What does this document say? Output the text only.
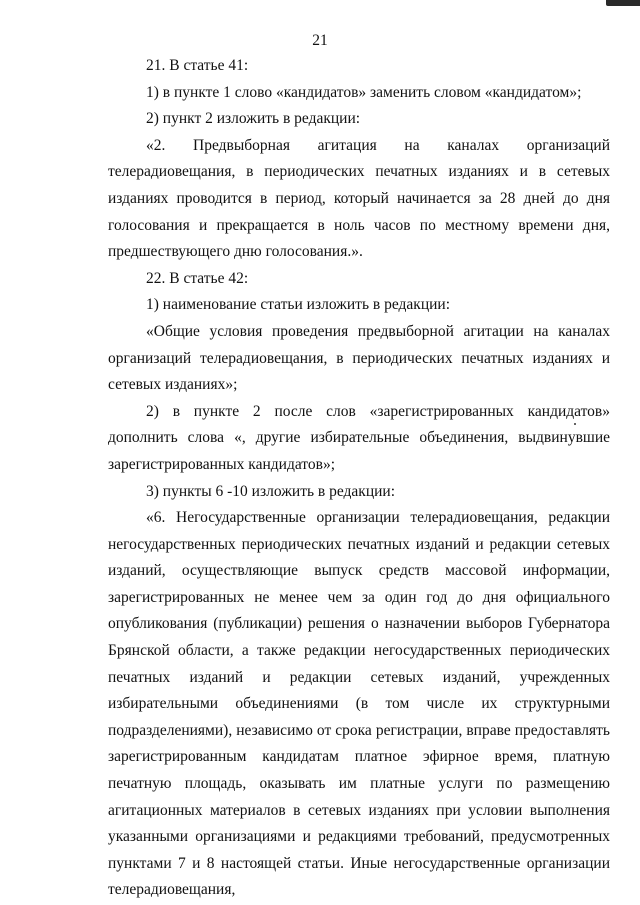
21

21. В статье 41:

1) в пункте 1 слово «кандидатов» заменить словом «кандидатом»;

2) пункт 2 изложить в редакции:

«2. Предвыборная агитация на каналах организаций телерадиовещания, в периодических печатных изданиях и в сетевых изданиях проводится в период, который начинается за 28 дней до дня голосования и прекращается в ноль часов по местному времени дня, предшествующего дню голосования.».

22. В статье 42:

1) наименование статьи изложить в редакции:

«Общие условия проведения предвыборной агитации на каналах организаций телерадиовещания, в периодических печатных изданиях и сетевых изданиях»;

2) в пункте 2 после слов «зарегистрированных кандидатов» дополнить слова «, другие избирательные объединения, выдвинувшие зарегистрированных кандидатов»;

3) пункты 6 -10 изложить в редакции:

«6. Негосударственные организации телерадиовещания, редакции негосударственных периодических печатных изданий и редакции сетевых изданий, осуществляющие выпуск средств массовой информации, зарегистрированных не менее чем за один год до дня официального опубликования (публикации) решения о назначении выборов Губернатора Брянской области, а также редакции негосударственных периодических печатных изданий и редакции сетевых изданий, учрежденных избирательными объединениями (в том числе их структурными подразделениями), независимо от срока регистрации, вправе предоставлять зарегистрированным кандидатам платное эфирное время, платную печатную площадь, оказывать им платные услуги по размещению агитационных материалов в сетевых изданиях при условии выполнения указанными организациями и редакциями требований, предусмотренных пунктами 7 и 8 настоящей статьи. Иные негосударственные организации телерадиовещания,
